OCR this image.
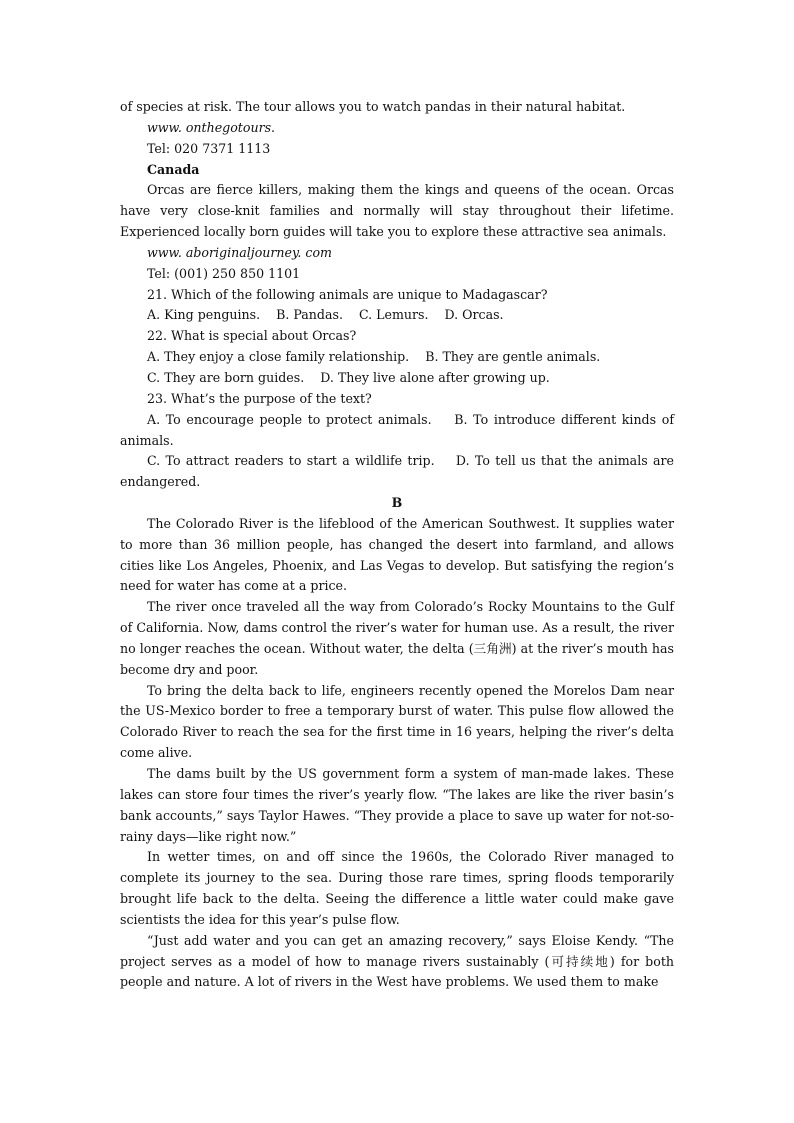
of species at risk. The tour allows you to watch pandas in their natural habitat.

www. onthegotours.

Tel: 020 7371 1113

Canada

Orcas are fierce killers, making them the kings and queens of the ocean. Orcas have very close-knit families and normally will stay throughout their lifetime. Experienced locally born guides will take you to explore these attractive sea animals.

www. aboriginaljourney. com

Tel: (001) 250 850 1101

21. Which of the following animals are unique to Madagascar?

A. King penguins.    B. Pandas.    C. Lemurs.    D. Orcas.

22. What is special about Orcas?

A. They enjoy a close family relationship.    B. They are gentle animals.

C. They are born guides.    D. They live alone after growing up.

23. What’s the purpose of the text?

A. To encourage people to protect animals.    B. To introduce different kinds of animals.

C. To attract readers to start a wildlife trip.    D. To tell us that the animals are endangered.

B

The Colorado River is the lifeblood of the American Southwest. It supplies water to more than 36 million people, has changed the desert into farmland, and allows cities like Los Angeles, Phoenix, and Las Vegas to develop. But satisfying the region’s need for water has come at a price.

The river once traveled all the way from Colorado’s Rocky Mountains to the Gulf of California. Now, dams control the river’s water for human use. As a result, the river no longer reaches the ocean. Without water, the delta (三角洲) at the river’s mouth has become dry and poor.

To bring the delta back to life, engineers recently opened the Morelos Dam near the US-Mexico border to free a temporary burst of water. This pulse flow allowed the Colorado River to reach the sea for the first time in 16 years, helping the river’s delta come alive.

The dams built by the US government form a system of man-made lakes. These lakes can store four times the river’s yearly flow. “The lakes are like the river basin’s bank accounts,” says Taylor Hawes. “They provide a place to save up water for not-so-rainy days—like right now.”

In wetter times, on and off since the 1960s, the Colorado River managed to complete its journey to the sea. During those rare times, spring floods temporarily brought life back to the delta. Seeing the difference a little water could make gave scientists the idea for this year’s pulse flow.

“Just add water and you can get an amazing recovery,” says Eloise Kendy. “The project serves as a model of how to manage rivers sustainably (可持续地) for both people and nature. A lot of rivers in the West have problems. We used them to make
